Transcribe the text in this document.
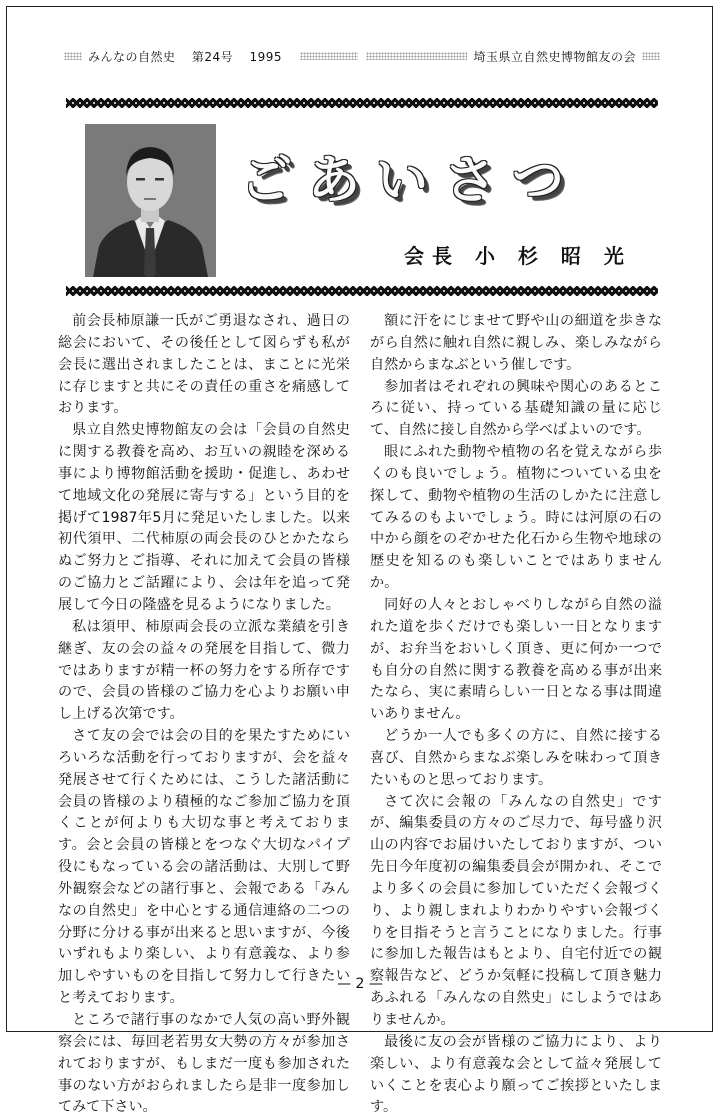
みんなの自然史 第24号 1995	埼玉県立自然史博物館友の会
ごあいさつ
会長 小 杉 昭 光

前会長柿原謙一氏がご勇退なされ、過日の総会において、その後任として図らずも私が会長に選出されましたことは、まことに光栄に存じますと共にその責任の重さを痛感しております。

県立自然史博物館友の会は「会員の自然史に関する教養を高め、お互いの親睦を深める事により博物館活動を援助・促進し、あわせて地域文化の発展に寄与する」という目的を掲げて1987年5月に発足いたしました。以来初代須甲、二代柿原の両会長のひとかたならぬご努力とご指導、それに加えて会員の皆様のご協力とご話躍により、会は年を追って発展して今日の隆盛を見るようになりました。

私は須甲、柿原両会長の立派な業績を引き継ぎ、友の会の益々の発展を目指して、微力ではありますが精一杯の努力をする所存ですので、会員の皆様のご協力を心よりお願い申し上げる次第です。

さて友の会では会の目的を果たすためにいろいろな活動を行っておりますが、会を益々発展させて行くためには、こうした諸活動に会員の皆様のより積極的なご参加ご協力を頂くことが何よりも大切な事と考えております。会と会員の皆様とをつなぐ大切なパイプ役にもなっている会の諸活動は、大別して野外観察会などの諸行事と、会報である「みんなの自然史」を中心とする通信連絡の二つの分野に分ける事が出来ると思いますが、今後いずれもより楽しい、より有意義な、より参加しやすいものを目指して努力して行きたいと考えております。

ところで諸行事のなかで人気の高い野外観察会には、毎回老若男女大勢の方々が参加されておりますが、もしまだ一度も参加された事のない方がおられましたら是非一度参加してみて下さい。

額に汗をにじませて野や山の細道を歩きながら自然に触れ自然に親しみ、楽しみながら自然からまなぶという催しです。

参加者はそれぞれの興味や関心のあるところに従い、持っている基礎知識の量に応じて、自然に接し自然から学べばよいのです。

眼にふれた動物や植物の名を覚えながら歩くのも良いでしょう。植物についている虫を探して、動物や植物の生活のしかたに注意してみるのもよいでしょう。時には河原の石の中から顔をのぞかせた化石から生物や地球の歴史を知るのも楽しいことではありませんか。

同好の人々とおしゃべりしながら自然の溢れた道を歩くだけでも楽しい一日となりますが、お弁当をおいしく頂き、更に何か一つでも自分の自然に関する教養を高める事が出来たなら、実に素晴らしい一日となる事は間違いありません。

どうか一人でも多くの方に、自然に接する喜び、自然からまなぶ楽しみを味わって頂きたいものと思っております。

さて次に会報の「みんなの自然史」ですが、編集委員の方々のご尽力で、毎号盛り沢山の内容でお届けいたしておりますが、つい先日今年度初の編集委員会が開かれ、そこでより多くの会員に参加していただく会報づくり、より親しまれよりわかりやすい会報づくりを目指そうと言うことになりました。行事に参加した報告はもとより、自宅付近での観察報告など、どうか気軽に投稿して頂き魅力あふれる「みんなの自然史」にしようではありませんか。

最後に友の会が皆様のご協力により、より楽しい、より有意義な会として益々発展していくことを衷心より願ってご挨拶といたします。

— 2 —
